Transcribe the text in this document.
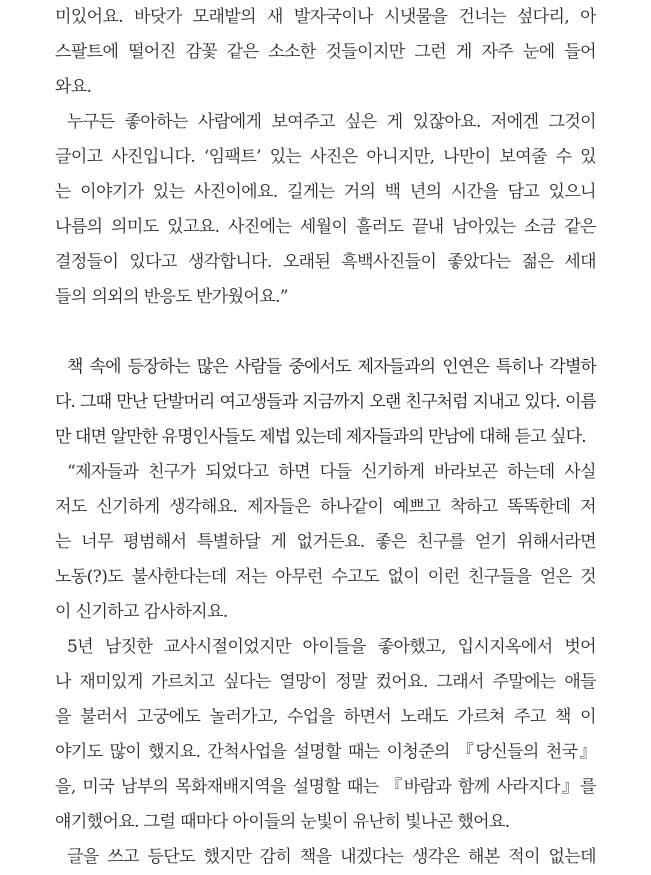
미있어요. 바닷가 모래밭의 새 발자국이나 시냇물을 건너는 섶다리, 아
스팔트에 떨어진 감꽃 같은 소소한 것들이지만 그런 게 자주 눈에 들어
와요.
누구든 좋아하는 사람에게 보여주고 싶은 게 있잖아요. 저에겐 그것이
글이고 사진입니다. ‘임팩트’ 있는 사진은 아니지만, 나만이 보여줄 수 있
는 이야기가 있는 사진이에요. 길게는 거의 백 년의 시간을 담고 있으니
나름의 의미도 있고요. 사진에는 세월이 흘러도 끝내 남아있는 소금 같은
결정들이 있다고 생각합니다. 오래된 흑백사진들이 좋았다는 젊은 세대
들의 의외의 반응도 반가웠어요.”
책 속에 등장하는 많은 사람들 중에서도 제자들과의 인연은 특히나 각별하
다. 그때 만난 단발머리 여고생들과 지금까지 오랜 친구처럼 지내고 있다. 이름
만 대면 알만한 유명인사들도 제법 있는데 제자들과의 만남에 대해 듣고 싶다.
“제자들과 친구가 되었다고 하면 다들 신기하게 바라보곤 하는데 사실
저도 신기하게 생각해요. 제자들은 하나같이 예쁘고 착하고 똑똑한데 저
는 너무 평범해서 특별하달 게 없거든요. 좋은 친구를 얻기 위해서라면
노동(?)도 불사한다는데 저는 아무런 수고도 없이 이런 친구들을 얻은 것
이 신기하고 감사하지요.
5년 남짓한 교사시절이었지만 아이들을 좋아했고, 입시지옥에서 벗어
나 재미있게 가르치고 싶다는 열망이 정말 컸어요. 그래서 주말에는 애들
을 불러서 고궁에도 놀러가고, 수업을 하면서 노래도 가르쳐 주고 책 이
야기도 많이 했지요. 간척사업을 설명할 때는 이청준의 『당신들의 천국』
을, 미국 남부의 목화재배지역을 설명할 때는 『바람과 함께 사라지다』를
얘기했어요. 그럴 때마다 아이들의 눈빛이 유난히 빛나곤 했어요.
글을 쓰고 등단도 했지만 감히 책을 내겠다는 생각은 해본 적이 없는데
